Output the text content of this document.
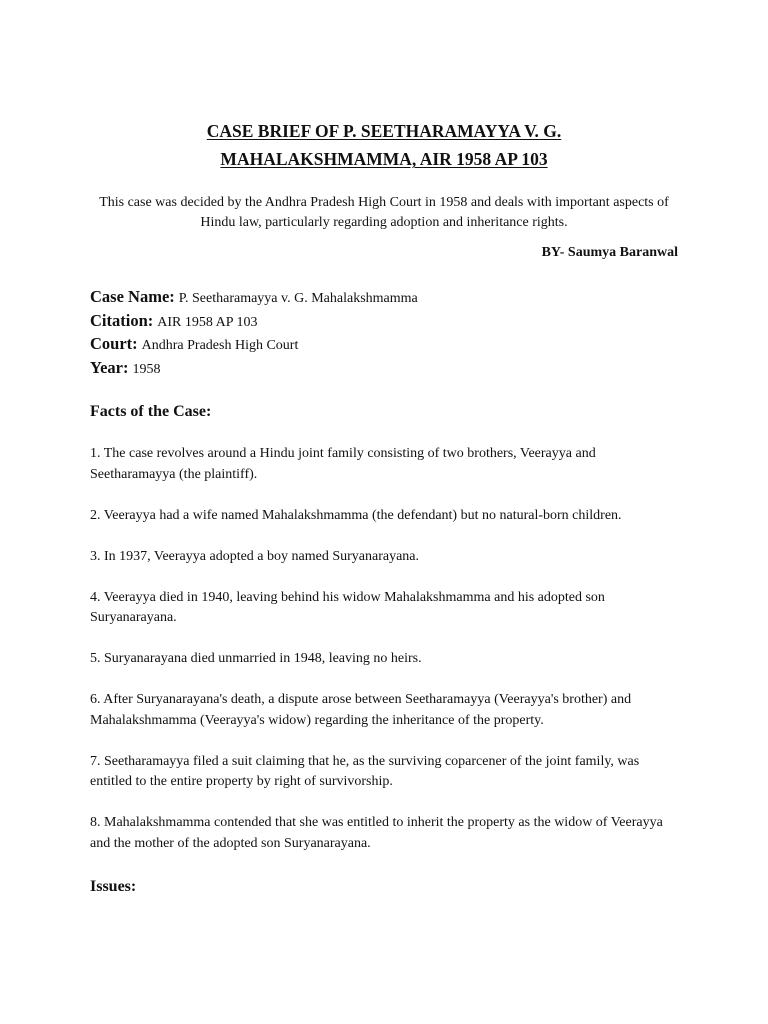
CASE BRIEF OF P. SEETHARAMAYYA V. G.
MAHALAKSHMAMMA, AIR 1958 AP 103
This case was decided by the Andhra Pradesh High Court in 1958 and deals with important aspects of Hindu law, particularly regarding adoption and inheritance rights.
BY- Saumya Baranwal
Case Name: P. Seetharamayya v. G. Mahalakshmamma
Citation: AIR 1958 AP 103
Court: Andhra Pradesh High Court
Year: 1958
Facts of the Case:

1. The case revolves around a Hindu joint family consisting of two brothers, Veerayya and Seetharamayya (the plaintiff).

2. Veerayya had a wife named Mahalakshmamma (the defendant) but no natural-born children.

3. In 1937, Veerayya adopted a boy named Suryanarayana.

4. Veerayya died in 1940, leaving behind his widow Mahalakshmamma and his adopted son Suryanarayana.

5. Suryanarayana died unmarried in 1948, leaving no heirs.

6. After Suryanarayana's death, a dispute arose between Seetharamayya (Veerayya's brother) and Mahalakshmamma (Veerayya's widow) regarding the inheritance of the property.

7. Seetharamayya filed a suit claiming that he, as the surviving coparcener of the joint family, was entitled to the entire property by right of survivorship.

8. Mahalakshmamma contended that she was entitled to inherit the property as the widow of Veerayya and the mother of the adopted son Suryanarayana.

Issues:
